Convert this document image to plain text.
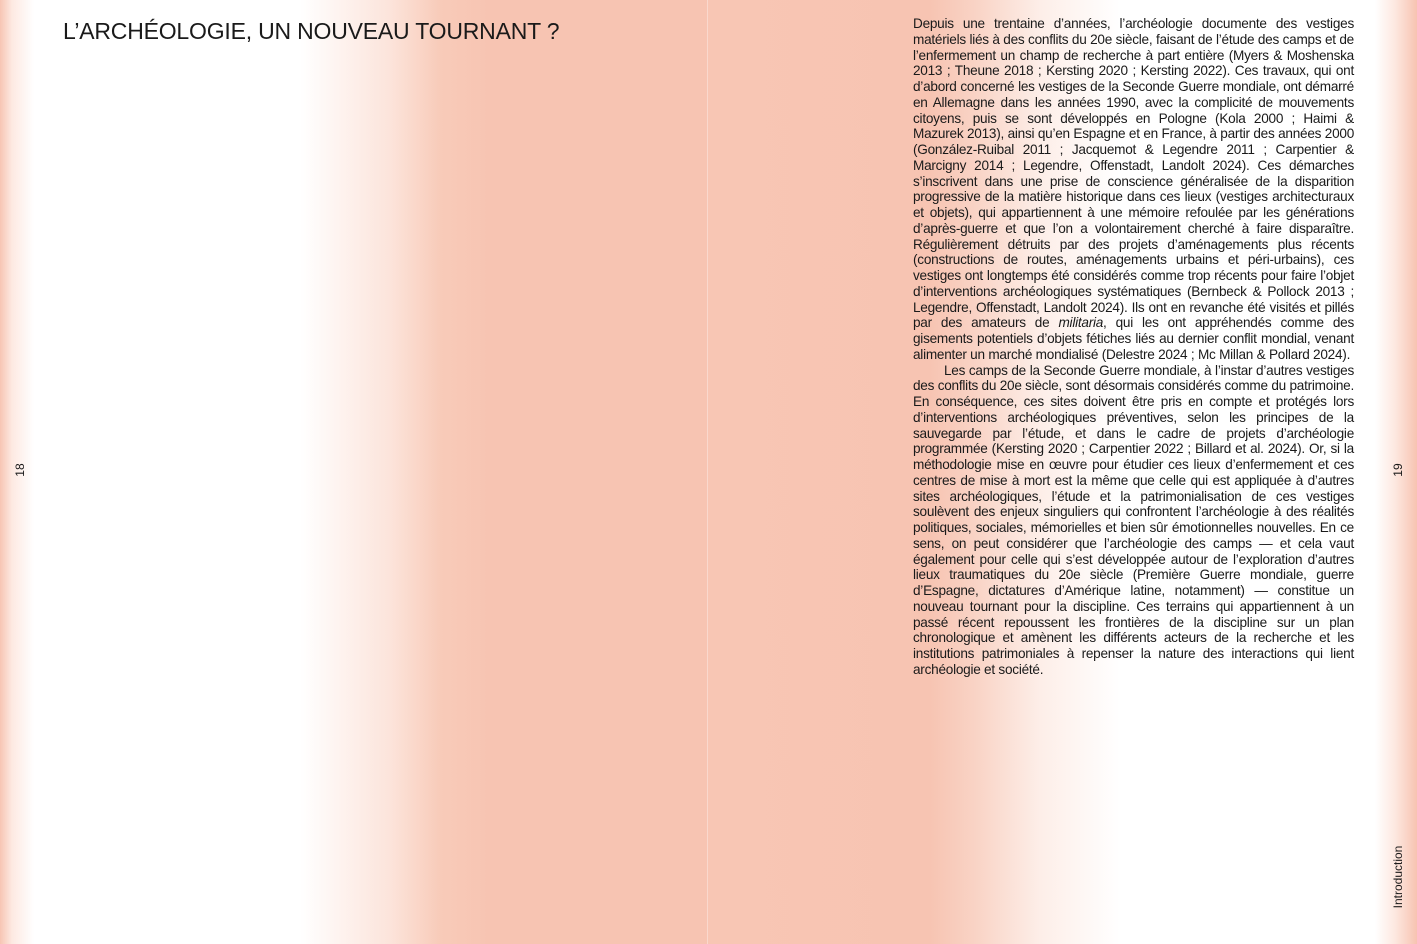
L’ARCHÉOLOGIE, UN NOUVEAU TOURNANT ?
18

Depuis une trentaine d’années, l’archéologie documente des vestiges matériels liés à des conflits du 20e siècle, faisant de l’étude des camps et de l’enfermement un champ de recherche à part entière (Myers & Moshenska 2013 ; Theune 2018 ; Kersting 2020 ; Kersting 2022). Ces travaux, qui ont d’abord concerné les vestiges de la Seconde Guerre mondiale, ont démarré en Allemagne dans les années 1990, avec la complicité de mouvements citoyens, puis se sont développés en Pologne (Kola 2000 ; Haimi & Mazurek 2013), ainsi qu’en Espagne et en France, à partir des années 2000 (González-Ruibal 2011 ; Jacquemot & Legendre 2011 ; Carpentier & Marcigny 2014 ; Legendre, Offenstadt, Landolt 2024). Ces démarches s’inscrivent dans une prise de conscience généralisée de la disparition progressive de la matière historique dans ces lieux (vestiges architecturaux et objets), qui appartiennent à une mémoire refoulée par les générations d’après-guerre et que l’on a volontairement cherché à faire disparaître. Régulièrement détruits par des projets d’aménagements plus récents (constructions de routes, aménagements urbains et péri-urbains), ces vestiges ont longtemps été considérés comme trop récents pour faire l’objet d’interventions archéologiques systématiques (Bernbeck & Pollock 2013 ; Legendre, Offenstadt, Landolt 2024). Ils ont en revanche été visités et pillés par des amateurs de militaria, qui les ont appréhendés comme des gisements potentiels d’objets fétiches liés au dernier conflit mondial, venant alimenter un marché mondialisé (Delestre 2024 ; Mc Millan & Pollard 2024).

Les camps de la Seconde Guerre mondiale, à l’instar d’autres vestiges des conflits du 20e siècle, sont désormais considérés comme du patrimoine. En conséquence, ces sites doivent être pris en compte et protégés lors d’interventions archéologiques préventives, selon les principes de la sauvegarde par l’étude, et dans le cadre de projets d’archéologie programmée (Kersting 2020 ; Carpentier 2022 ; Billard et al. 2024). Or, si la méthodologie mise en œuvre pour étudier ces lieux d’enfermement et ces centres de mise à mort est la même que celle qui est appliquée à d’autres sites archéologiques, l’étude et la patrimonialisation de ces vestiges soulèvent des enjeux singuliers qui confrontent l’archéologie à des réalités politiques, sociales, mémorielles et bien sûr émotionnelles nouvelles. En ce sens, on peut considérer que l’archéologie des camps — et cela vaut également pour celle qui s’est développée autour de l’exploration d’autres lieux traumatiques du 20e siècle (Première Guerre mondiale, guerre d’Espagne, dictatures d’Amérique latine, notamment) — constitue un nouveau tournant pour la discipline. Ces terrains qui appartiennent à un passé récent repoussent les frontières de la discipline sur un plan chronologique et amènent les différents acteurs de la recherche et les institutions patrimoniales à repenser la nature des interactions qui lient archéologie et société.

19
Introduction
